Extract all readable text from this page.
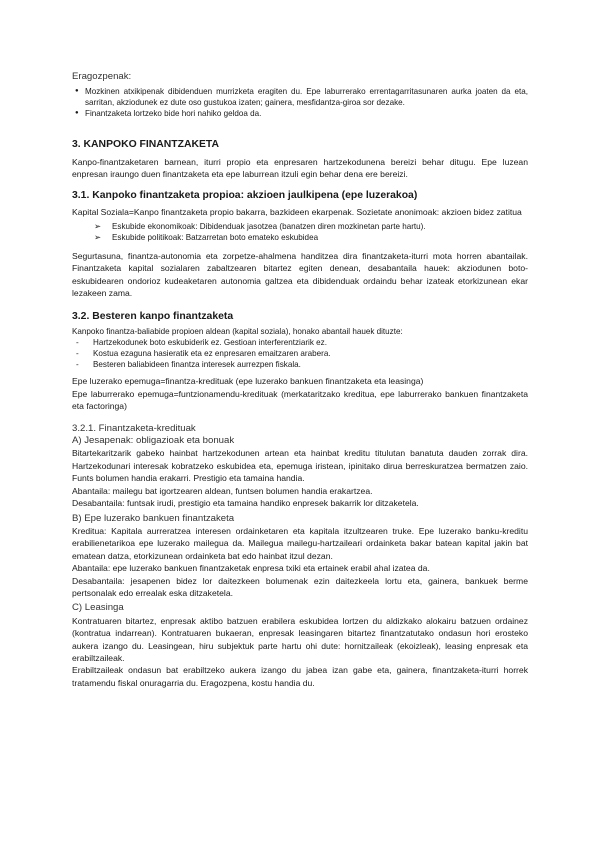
Eragozpenak:

● Mozkinen atxikipenak dibidenduen murrizketa eragiten du. Epe laburrerako errentagarritasunaren aurka joaten da eta, sarritan, akziodunek ez dute oso gustukoa izaten; gainera, mesfidantza-giroa sor dezake.
● Finantzaketa lortzeko bide hori nahiko geldoa da.

3. KANPOKO FINANTZAKETA

Kanpo-finantzaketaren barnean, iturri propio eta enpresaren hartzekodunena bereizi behar ditugu. Epe luzean enpresan iraungo duen finantzaketa eta epe laburrean itzuli egin behar dena ere bereizi.

3.1. Kanpoko finantzaketa propioa: akzioen jaulkipena (epe luzerakoa)

Kapital Soziala=Kanpo finantzaketa propio bakarra, bazkideen ekarpenak. Sozietate anonimoak: akzioen bidez zatitua

➢ Eskubide ekonomikoak: Dibidenduak jasotzea (banatzen diren mozkinetan parte hartu).
➢ Eskubide politikoak: Batzarretan boto emateko eskubidea

Segurtasuna, finantza-autonomia eta zorpetze-ahalmena handitzea dira finantzaketa-iturri mota horren abantailak. Finantzaketa kapital sozialaren zabaltzearen bitartez egiten denean, desabantaila hauek: akziodunen boto-eskubidearen ondorioz kudeaketaren autonomia galtzea eta dibidenduak ordaindu behar izateak etorkizunean ekar lezakeen zama.

3.2. Besteren kanpo finantzaketa

Kanpoko finantza-baliabide propioen aldean (kapital soziala), honako abantail hauek dituzte:

- Hartzekodunek boto eskubiderik ez. Gestioan interferentziarik ez.
- Kostua ezaguna hasieratik eta ez enpresaren emaitzaren arabera.
- Besteren baliabideen finantza interesek aurrezpen fiskala.

Epe luzerako epemuga=finantza-kredituak (epe luzerako bankuen finantzaketa eta leasinga)

Epe laburrerako epemuga=funtzionamendu-kredituak (merkataritzako kreditua, epe laburrerako bankuen finantzaketa eta factoringa)

3.2.1. Finantzaketa-kredituak

A) Jesapenak: obligazioak eta bonuak

Bitartekaritzarik gabeko hainbat hartzekodunen artean eta hainbat kreditu titulutan banatuta dauden zorrak dira. Hartzekodunari interesak kobratzeko eskubidea eta, epemuga iristean, ipinitako dirua berreskuratzea bermatzen zaio. Funts bolumen handia erakarri. Prestigio eta tamaina handia.

Abantaila: mailegu bat igortzearen aldean, funtsen bolumen handia erakartzea.

Desabantaila: funtsak irudi, prestigio eta tamaina handiko enpresek bakarrik lor ditzaketela.

B) Epe luzerako bankuen finantzaketa

Kreditua: Kapitala aurreratzea interesen ordainketaren eta kapitala itzultzearen truke. Epe luzerako banku-kreditu erabilienetarikoa epe luzerako mailegua da. Mailegua mailegu-hartzaileari ordainketa bakar batean kapital jakin bat ematean datza, etorkizunean ordainketa bat edo hainbat itzul dezan.

Abantaila: epe luzerako bankuen finantzaketak enpresa txiki eta ertainek erabil ahal izatea da.

Desabantaila: jesapenen bidez lor daitezkeen bolumenak ezin daitezkeela lortu eta, gainera, bankuek berme pertsonalak edo errealak eska ditzaketela.

C) Leasinga

Kontratuaren bitartez, enpresak aktibo batzuen erabilera eskubidea lortzen du aldizkako alokairu batzuen ordainez (kontratua indarrean). Kontratuaren bukaeran, enpresak leasingaren bitartez finantzatutako ondasun hori erosteko aukera izango du. Leasingean, hiru subjektuk parte hartu ohi dute: hornitzaileak (ekoizleak), leasing enpresak eta erabiltzaileak.

Erabiltzaileak ondasun bat erabiltzeko aukera izango du jabea izan gabe eta, gainera, finantzaketa-iturri horrek tratamendu fiskal onuragarria du. Eragozpena, kostu handia du.
